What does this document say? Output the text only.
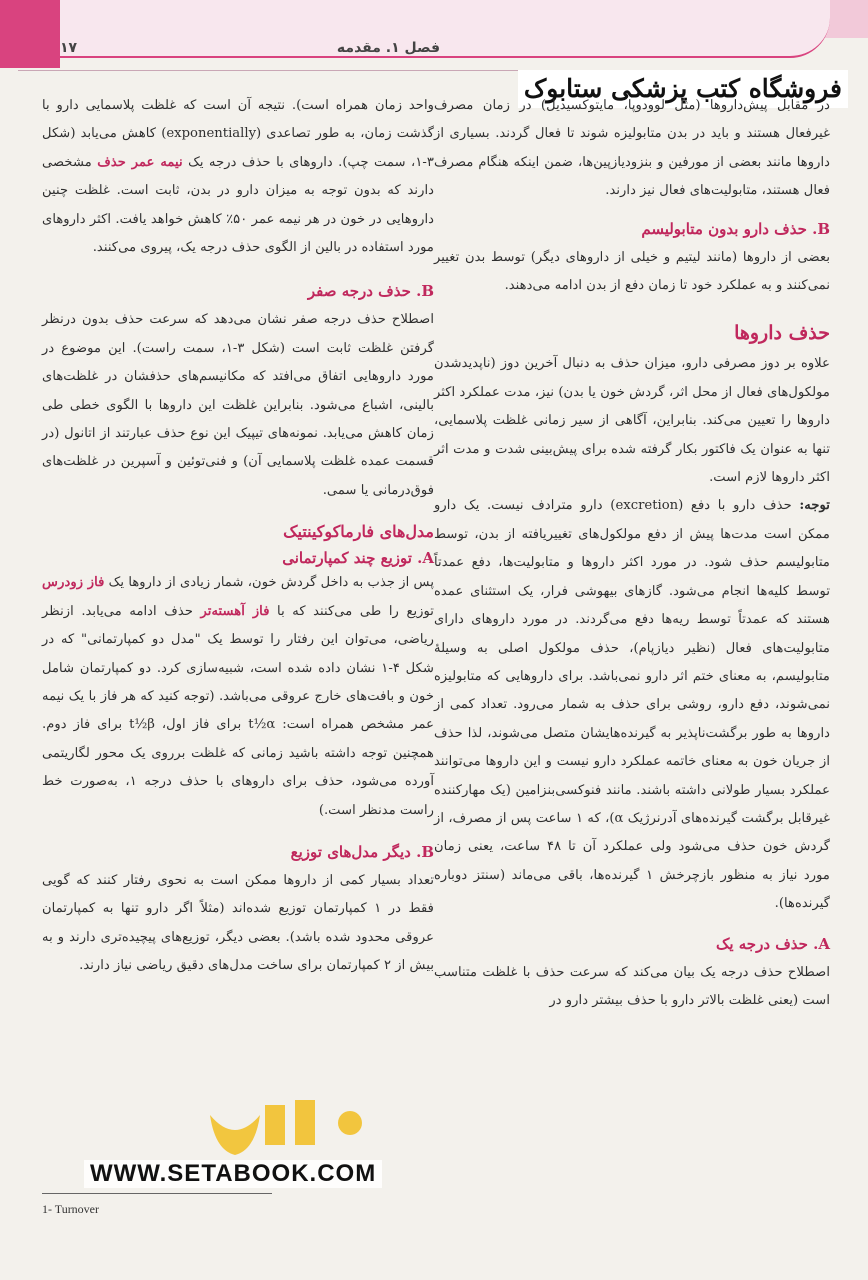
۱۷	فصل ۱. مقدمه
فروشگاه کتب پزشکی ستابوک

در مقابل پیش‌داروها (مثل لوودوپا، مایتوکسیدیل) در زمان مصرف غیرفعال هستند و باید در بدن متابولیزه شوند تا فعال گردند. بسیاری از داروها مانند بعضی از مورفین و بنزودیازپین‌ها، ضمن اینکه هنگام مصرف فعال هستند، متابولیت‌های فعال نیز دارند.

B. حذف دارو بدون متابولیسم

بعضی از داروها (مانند لیتیم و خیلی از داروهای دیگر) توسط بدن تغییر نمی‌کنند و به عملکرد خود تا زمان دفع از بدن ادامه می‌دهند.

حذف داروها

علاوه بر دوز مصرفی دارو، میزان حذف به دنبال آخرین دوز (ناپدیدشدن مولکول‌های فعال از محل اثر، گردش خون یا بدن) نیز، مدت عملکرد اکثر داروها را تعیین می‌کند. بنابراین، آگاهی از سیر زمانی غلظت پلاسمایی، تنها به عنوان یک فاکتور بکار گرفته شده برای پیش‌بینی شدت و مدت اثر اکثر داروها لازم است.

توجه: حذف دارو با دفع (excretion) دارو مترادف نیست. یک دارو ممکن است مدت‌ها پیش از دفع مولکول‌های تغییریافته از بدن، توسط متابولیسم حذف شود. در مورد اکثر داروها و متابولیت‌ها، دفع عمدتاً توسط کلیه‌ها انجام می‌شود. گازهای بیهوشی فرار، یک استثنای عمده هستند که عمدتاً توسط ریه‌ها دفع می‌گردند. در مورد داروهای دارای متابولیت‌های فعال (نظیر دیازپام)، حذف مولکول اصلی به وسیلهٔ متابولیسم، به معنای ختم اثر دارو نمی‌باشد. برای داروهایی که متابولیزه نمی‌شوند، دفع دارو، روشی برای حذف به شمار می‌رود. تعداد کمی از داروها به طور برگشت‌ناپذیر به گیرنده‌هایشان متصل می‌شوند، لذا حذف از جریان خون به معنای خاتمه عملکرد دارو نیست و این داروها می‌توانند عملکرد بسیار طولانی داشته باشند. مانند فنوکسی‌بنزامین (یک مهارکننده غیرقابل برگشت گیرنده‌های آدرنرژیک α)، که ۱ ساعت پس از مصرف، از گردش خون حذف می‌شود ولی عملکرد آن تا ۴۸ ساعت، یعنی زمان مورد نیاز به منظور بازچرخش ۱ گیرنده‌ها، باقی می‌ماند (سنتز دوباره گیرنده‌ها).

A. حذف درجه یک

اصطلاح حذف درجه یک بیان می‌کند که سرعت حذف با غلظت متناسب است (یعنی غلظت بالاتر دارو با حذف بیشتر دارو در

واحد زمان همراه است). نتیجه آن است که غلظت پلاسمایی دارو با گذشت زمان، به طور تصاعدی (exponentially) کاهش می‌یابد (شکل ۳-۱، سمت چپ). داروهای با حذف درجه یک نیمه عمر حذف مشخصی دارند که بدون توجه به میزان دارو در بدن، ثابت است. غلظت چنین داروهایی در خون در هر نیمه عمر ۵۰٪ کاهش خواهد یافت. اکثر داروهای مورد استفاده در بالین از الگوی حذف درجه یک، پیروی می‌کنند.

B. حذف درجه صفر

اصطلاح حذف درجه صفر نشان می‌دهد که سرعت حذف بدون درنظر گرفتن غلظت ثابت است (شکل ۳-۱، سمت راست). این موضوع در مورد داروهایی اتفاق می‌افتد که مکانیسم‌های حذفشان در غلظت‌های بالینی، اشباع می‌شود. بنابراین غلظت این داروها با الگوی خطی طی زمان کاهش می‌یابد. نمونه‌های تیپیک این نوع حذف عبارتند از اتانول (در قسمت عمده غلظت پلاسمایی آن) و فنی‌توئین و آسپرین در غلظت‌های فوق‌درمانی یا سمی.

مدل‌های فارماکوکینتیک
A. توزیع چند کمپارتمانی

پس از جذب به داخل گردش خون، شمار زیادی از داروها یک فاز زودرس توزیع را طی می‌کنند که با فاز آهسته‌تر حذف ادامه می‌یابد. ازنظر ریاضی، می‌توان این رفتار را توسط یک "مدل دو کمپارتمانی" که در شکل ۴-۱ نشان داده شده است، شبیه‌سازی کرد. دو کمپارتمان شامل خون و بافت‌های خارج عروقی می‌باشد. (توجه کنید که هر فاز با یک نیمه عمر مشخص همراه است: t½α برای فاز اول، t½β برای فاز دوم. همچنین توجه داشته باشید زمانی که غلظت برروی یک محور لگاریتمی آورده می‌شود، حذف برای داروهای با حذف درجه ۱، به‌صورت خط راست مدنظر است.)

B. دیگر مدل‌های توزیع

تعداد بسیار کمی از داروها ممکن است به نحوی رفتار کنند که گویی فقط در ۱ کمپارتمان توزیع شده‌اند (مثلاً اگر دارو تنها به کمپارتمان عروقی محدود شده باشد). بعضی دیگر، توزیع‌های پیچیده‌تری دارند و به بیش از ۲ کمپارتمان برای ساخت مدل‌های دقیق ریاضی نیاز دارند.

WWW.SETABOOK.COM
1- Turnover
